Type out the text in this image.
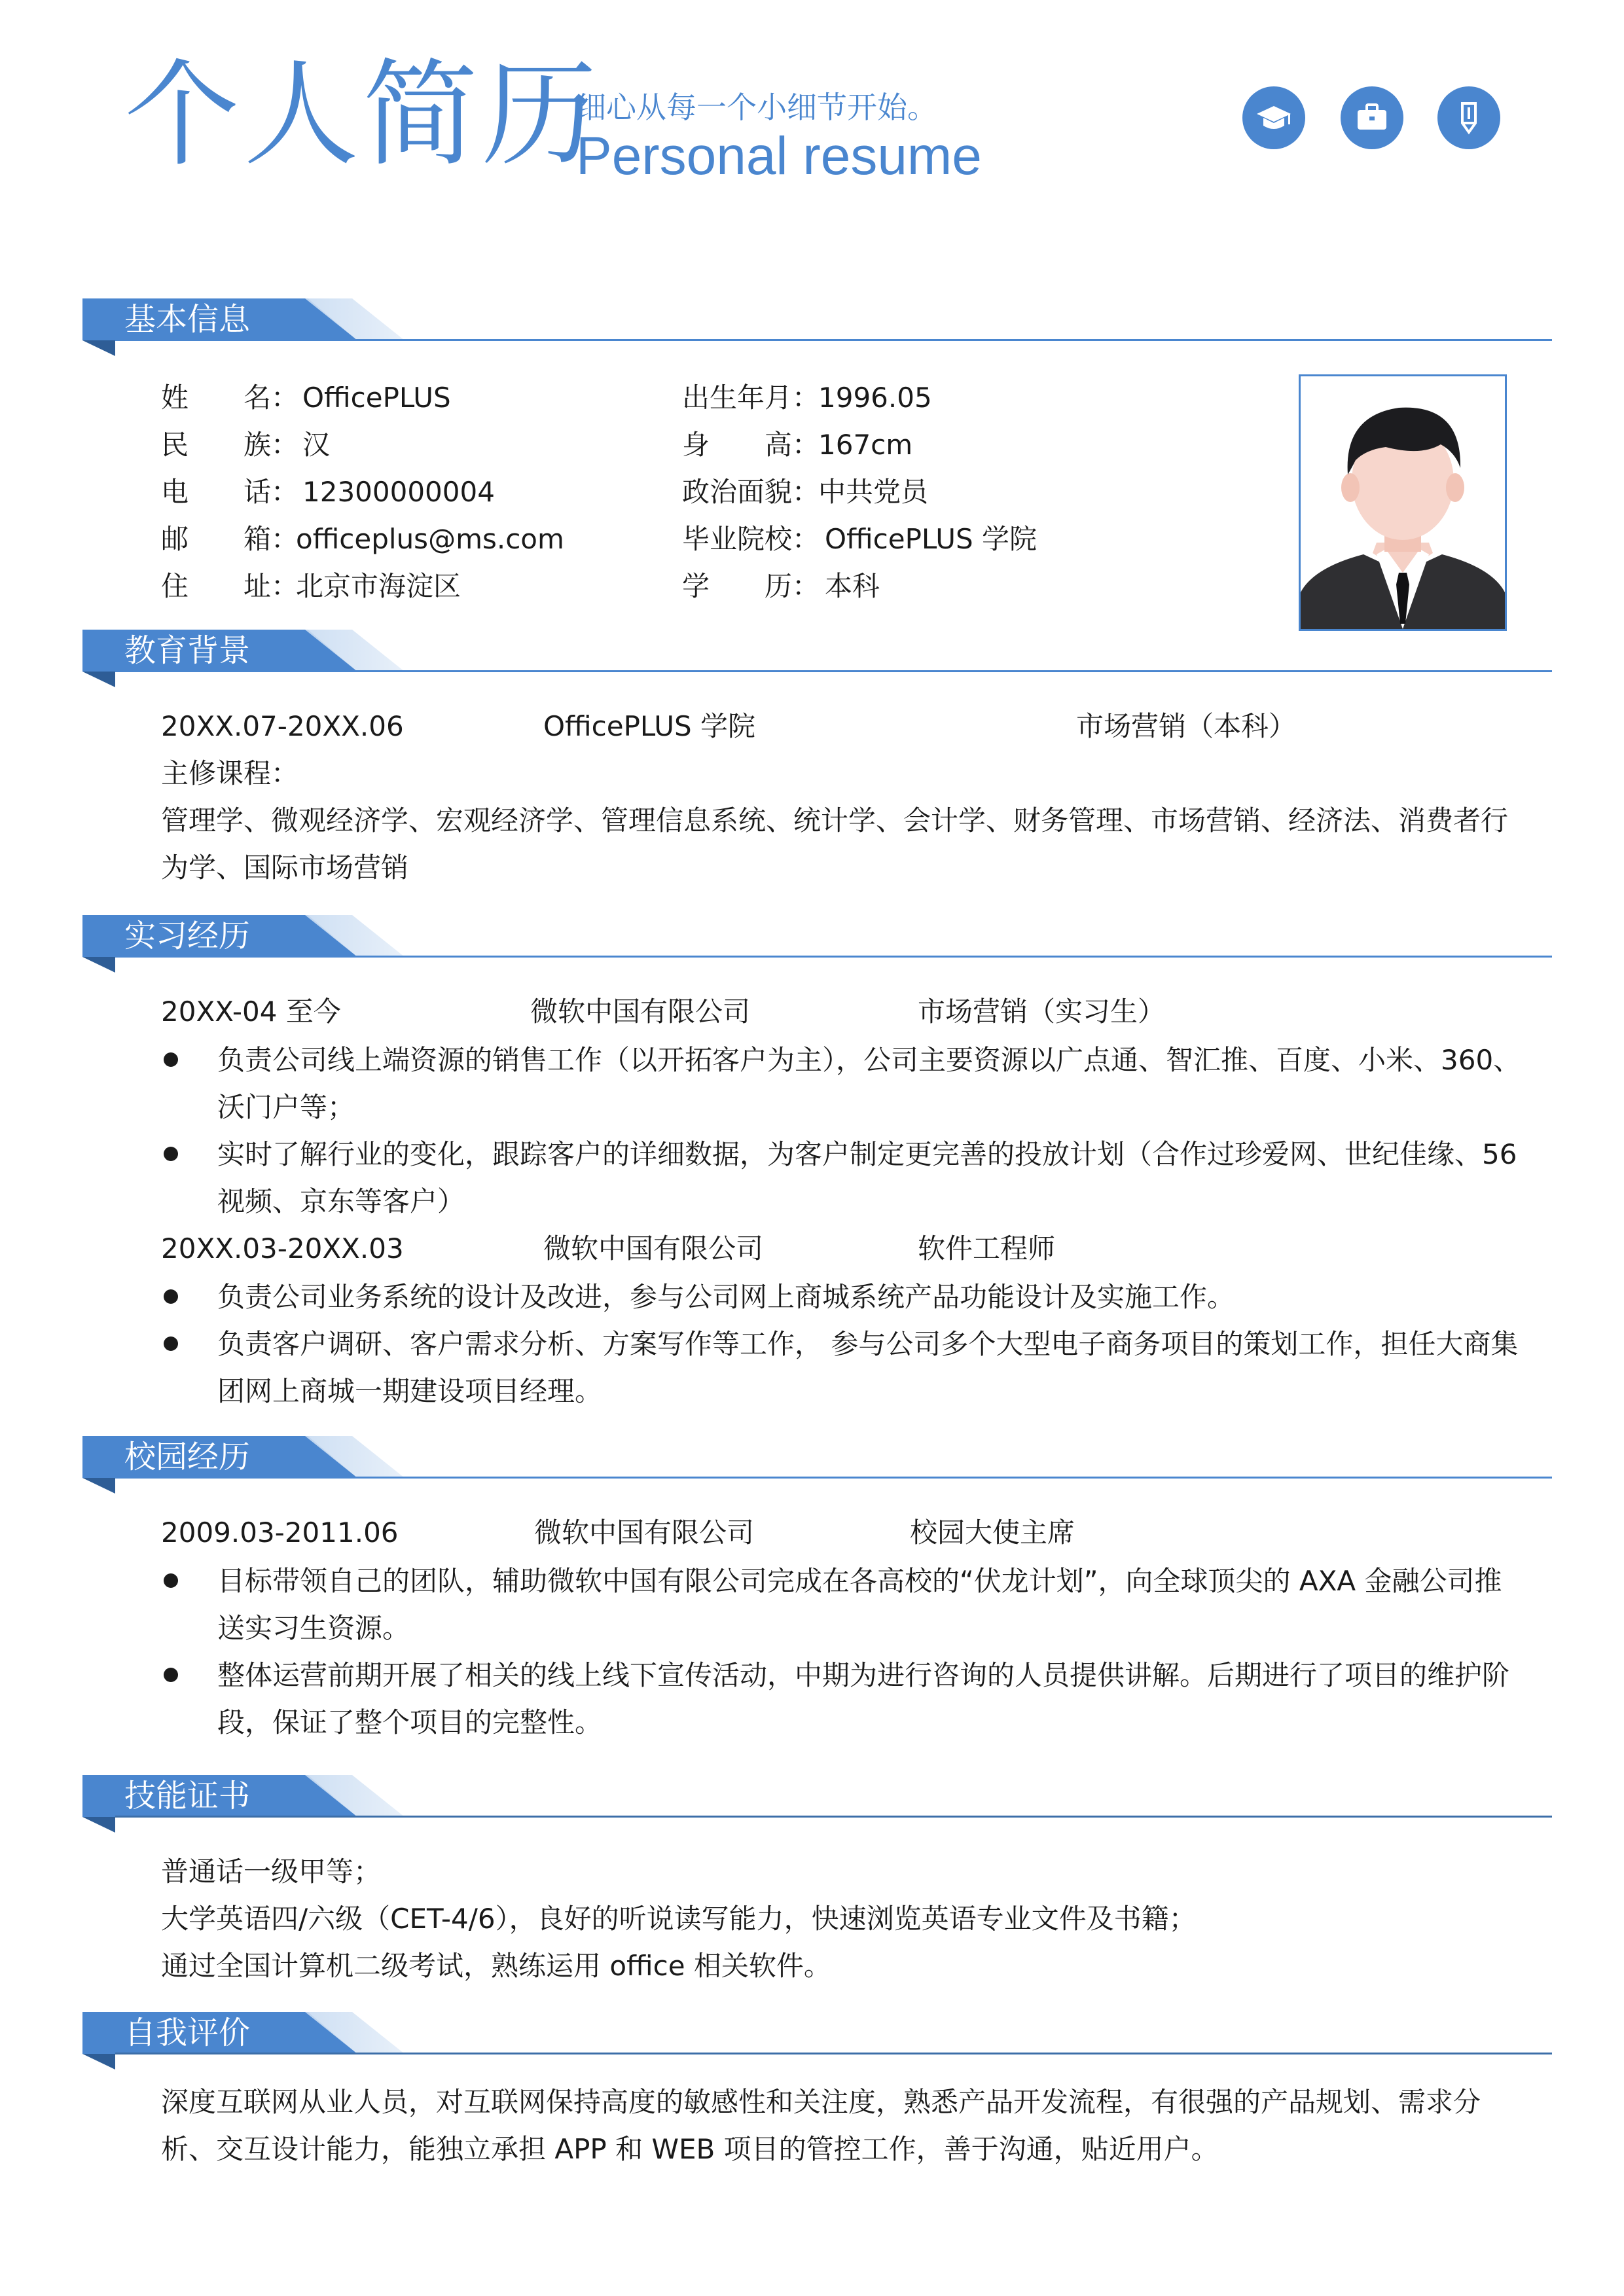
个人简历
细心从每一个小细节开始。
Personal resume
基本信息
姓　　名： OfficePLUS
民　　族： 汉
电　　话： 12300000004
邮　　箱：
officeplus@ms.com
住　　址：
北京市海淀区
出生年月：
1996.05
身　　高：
167cm
政治面貌：
中共党员
毕业院校： OfficePLUS 学院
学　　历： 本科
教育背景
20XX.07-20XX.06	OfficePLUS 学院	市场营销（本科）
主修课程：
管理学、微观经济学、宏观经济学、管理信息系统、统计学、会计学、财务管理、市场营销、经济法、消费者行为学、国际市场营销
实习经历
20XX-04 至今	微软中国有限公司	市场营销（实习生）
负责公司线上端资源的销售工作（以开拓客户为主），公司主要资源以广点通、智汇推、百度、小米、360、沃门户等；
实时了解行业的变化，跟踪客户的详细数据，为客户制定更完善的投放计划（合作过珍爱网、世纪佳缘、56 视频、京东等客户）
20XX.03-20XX.03	微软中国有限公司	软件工程师
负责公司业务系统的设计及改进，参与公司网上商城系统产品功能设计及实施工作。
负责客户调研、客户需求分析、方案写作等工作， 参与公司多个大型电子商务项目的策划工作，担任大商集团网上商城一期建设项目经理。
校园经历
2009.03-2011.06	微软中国有限公司	校园大使主席
目标带领自己的团队，辅助微软中国有限公司完成在各高校的“伏龙计划”，向全球顶尖的 AXA 金融公司推送实习生资源。
整体运营前期开展了相关的线上线下宣传活动，中期为进行咨询的人员提供讲解。后期进行了项目的维护阶段，保证了整个项目的完整性。
技能证书
普通话一级甲等；
大学英语四/六级（CET-4/6），良好的听说读写能力，快速浏览英语专业文件及书籍；
通过全国计算机二级考试，熟练运用 office 相关软件。
自我评价
深度互联网从业人员，对互联网保持高度的敏感性和关注度，熟悉产品开发流程，有很强的产品规划、需求分析、交互设计能力，能独立承担 APP 和 WEB 项目的管控工作，善于沟通，贴近用户。
